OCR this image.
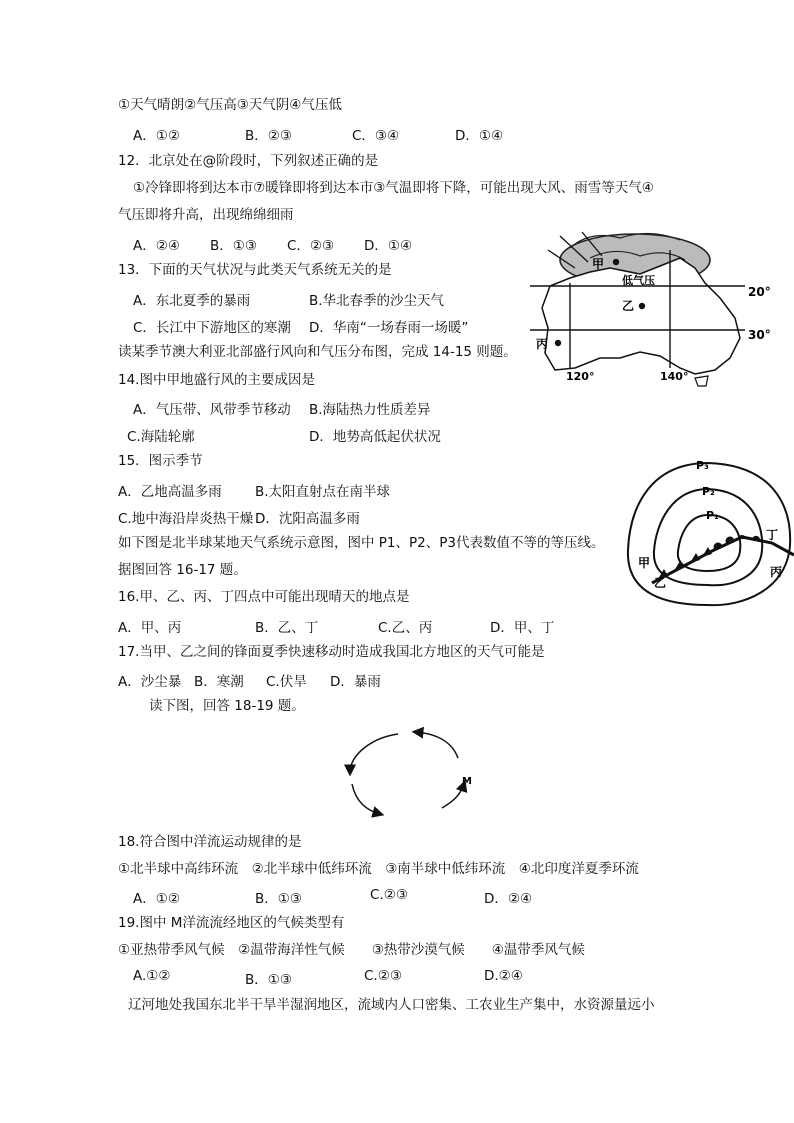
①天气晴朗②气压高③天气阴④气压低
A．①②	B．②③	C．③④	D．①④
12．北京处在@阶段时，下列叙述正确的是
①冷锋即将到达本市⑦暖锋即将到达本市③气温即将下降，可能出现大风、雨雪等天气④
气压即将升高，出现绵绵细雨
A．②④ B．①③ C．②③ D．①④
13．下面的天气状况与此类天气系统无关的是
A．东北夏季的暴雨	B.华北春季的沙尘天气
C．长江中下游地区的寒潮 D．华南“一场春雨一场暖”
读某季节澳大利亚北部盛行风向和气压分布图，完成 14-15 则题。
甲
低气压
乙
丙
20°
30°
120°	140°
14.图中甲地盛行风的主要成因是
A．气压带、风带季节移动 B.海陆热力性质差异
C.海陆轮廓	D．地势高低起伏状况
15．图示季节
A．乙地高温多雨 B.太阳直射点在南半球
C.地中海沿岸炎热干燥 D．沈阳高温多雨
如下图是北半球某地天气系统示意图，图中 P1、P2、P3代表数值不等的等压线。
据图回答 16-17 题。
P₃
P₂
P₁
甲
乙
丙
丁
16.甲、乙、丙、丁四点中可能出现晴天的地点是
A．甲、丙	B．乙、丁	C.乙、丙	D．甲、丁
17.当甲、乙之间的锋面夏季快速移动时造成我国北方地区的天气可能是
A．沙尘暴 B．寒潮 C.伏旱 D．暴雨
读下图，回答 18-19 题。
M
18.符合图中洋流运动规律的是
①北半球中高纬环流　②北半球中低纬环流　③南半球中低纬环流　④北印度洋夏季环流
A．①②	B．①③	C.②③	D．②④
19.图中 M洋流流经地区的气候类型有
①亚热带季风气候　②温带海洋性气候　　③热带沙漠气候　　④温带季风气候
A.①②	B．①③	C.②③	D.②④
辽河地处我国东北半干旱半湿润地区，流域内人口密集、工农业生产集中，水资源量远小
